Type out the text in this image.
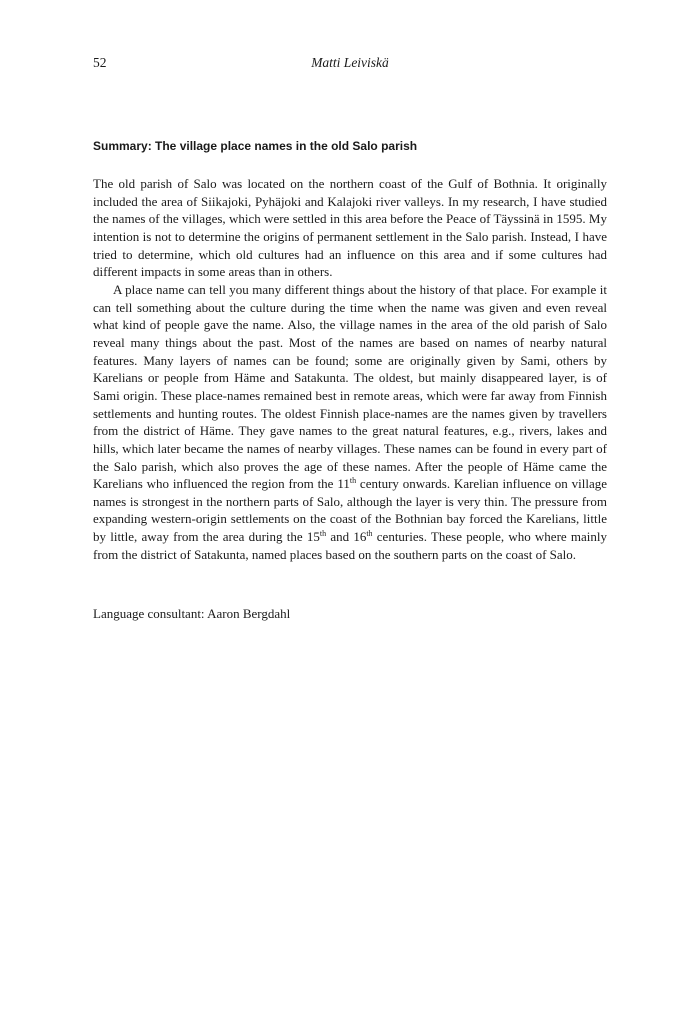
52	Matti Leiviskä
Summary: The village place names in the old Salo parish

The old parish of Salo was located on the northern coast of the Gulf of Bothnia. It originally included the area of Siikajoki, Pyhäjoki and Kalajoki river valleys. In my research, I have studied the names of the villages, which were settled in this area before the Peace of Täyssinä in 1595. My intention is not to determine the origins of permanent settlement in the Salo parish. Instead, I have tried to determine, which old cultures had an influence on this area and if some cultures had different impacts in some areas than in others.

A place name can tell you many different things about the history of that place. For example it can tell something about the culture during the time when the name was given and even reveal what kind of people gave the name. Also, the village names in the area of the old parish of Salo reveal many things about the past. Most of the names are based on names of nearby natural features. Many layers of names can be found; some are originally given by Sami, others by Karelians or people from Häme and Satakunta. The oldest, but mainly disappeared layer, is of Sami origin. These place-names remained best in remote areas, which were far away from Finnish settlements and hunting routes. The oldest Finnish place-names are the names given by travellers from the district of Häme. They gave names to the great natural features, e.g., rivers, lakes and hills, which later became the names of nearby villages. These names can be found in every part of the Salo parish, which also proves the age of these names. After the people of Häme came the Karelians who influenced the region from the 11th century onwards. Karelian influence on village names is strongest in the northern parts of Salo, although the layer is very thin. The pressure from expanding western-origin settlements on the coast of the Bothnian bay forced the Karelians, little by little, away from the area during the 15th and 16th centuries. These people, who where mainly from the district of Satakunta, named places based on the southern parts on the coast of Salo.

Language consultant: Aaron Bergdahl
